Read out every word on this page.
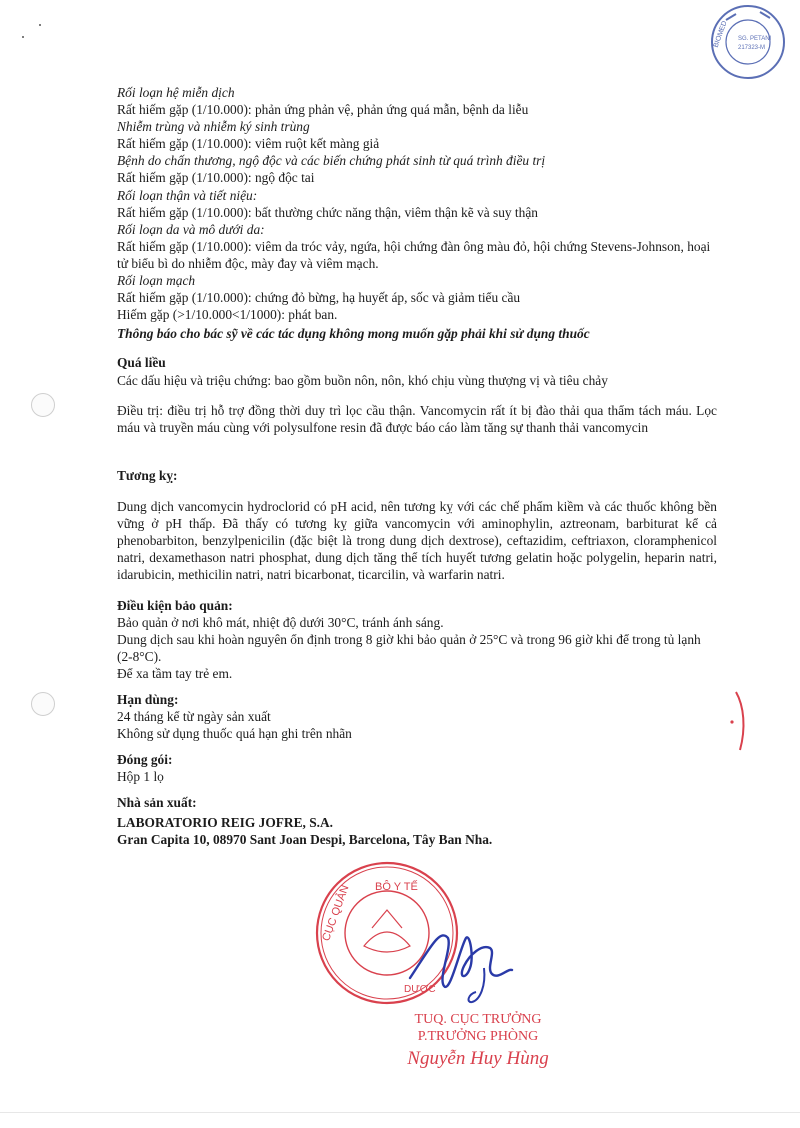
SG. PETANI
217323-M
BIOMED

Rối loạn hệ miễn dịch

Rất hiếm gặp (1/10.000): phản ứng phản vệ, phản ứng quá mẫn, bệnh da liễu

Nhiễm trùng và nhiễm ký sinh trùng

Rất hiếm gặp (1/10.000): viêm ruột kết màng giả

Bệnh do chấn thương, ngộ độc và các biến chứng phát sinh từ quá trình điều trị

Rất hiếm gặp (1/10.000): ngộ độc tai

Rối loạn thận và tiết niệu:

Rất hiếm gặp (1/10.000): bất thường chức năng thận, viêm thận kẽ và suy thận

Rối loạn da và mô dưới da:

Rất hiếm gặp (1/10.000): viêm da tróc vảy, ngứa, hội chứng đàn ông màu đỏ, hội chứng Stevens-Johnson, hoại tử biểu bì do nhiễm độc, mày đay và viêm mạch.

Rối loạn mạch

Rất hiếm gặp (1/10.000): chứng đỏ bừng, hạ huyết áp, sốc và giảm tiểu cầu

Hiếm gặp (>1/10.000<1/1000): phát ban.

Thông báo cho bác sỹ về các tác dụng không mong muốn gặp phải khi sử dụng thuốc

Quá liều

Các dấu hiệu và triệu chứng: bao gồm buồn nôn, nôn, khó chịu vùng thượng vị và tiêu chảy

Điều trị: điều trị hỗ trợ đồng thời duy trì lọc cầu thận. Vancomycin rất ít bị đào thải qua thẩm tách máu. Lọc máu và truyền máu cùng với polysulfone resin đã được báo cáo làm tăng sự thanh thải vancomycin

Tương kỵ:

Dung dịch vancomycin hydroclorid có pH acid, nên tương kỵ với các chế phẩm kiềm và các thuốc không bền vững ở pH thấp. Đã thấy có tương kỵ giữa vancomycin với aminophylin, aztreonam, barbiturat kể cả phenobarbiton, benzylpenicilin (đặc biệt là trong dung dịch dextrose), ceftazidim, ceftriaxon, cloramphenicol natri, dexamethason natri phosphat, dung dịch tăng thể tích huyết tương gelatin hoặc polygelin, heparin natri, idarubicin, methicilin natri, natri bicarbonat, ticarcilin, và warfarin natri.

Điều kiện bảo quản:

Bảo quản ở nơi khô mát, nhiệt độ dưới 30°C, tránh ánh sáng.

Dung dịch sau khi hoàn nguyên ổn định trong 8 giờ khi bảo quản ở 25°C và trong 96 giờ khi để trong tủ lạnh (2-8°C).

Để xa tầm tay trẻ em.

Hạn dùng:

24 tháng kể từ ngày sản xuất

Không sử dụng thuốc quá hạn ghi trên nhãn

Đóng gói:

Hộp 1 lọ

Nhà sản xuất:

LABORATORIO REIG JOFRE, S.A.

Gran Capita 10, 08970 Sant Joan Despi, Barcelona, Tây Ban Nha.

BỘ Y TẾ
CỤC QUẢN
DƯỢC
TUQ. CỤC TRƯỞNG
P.TRƯỞNG PHÒNG
Nguyễn Huy Hùng
